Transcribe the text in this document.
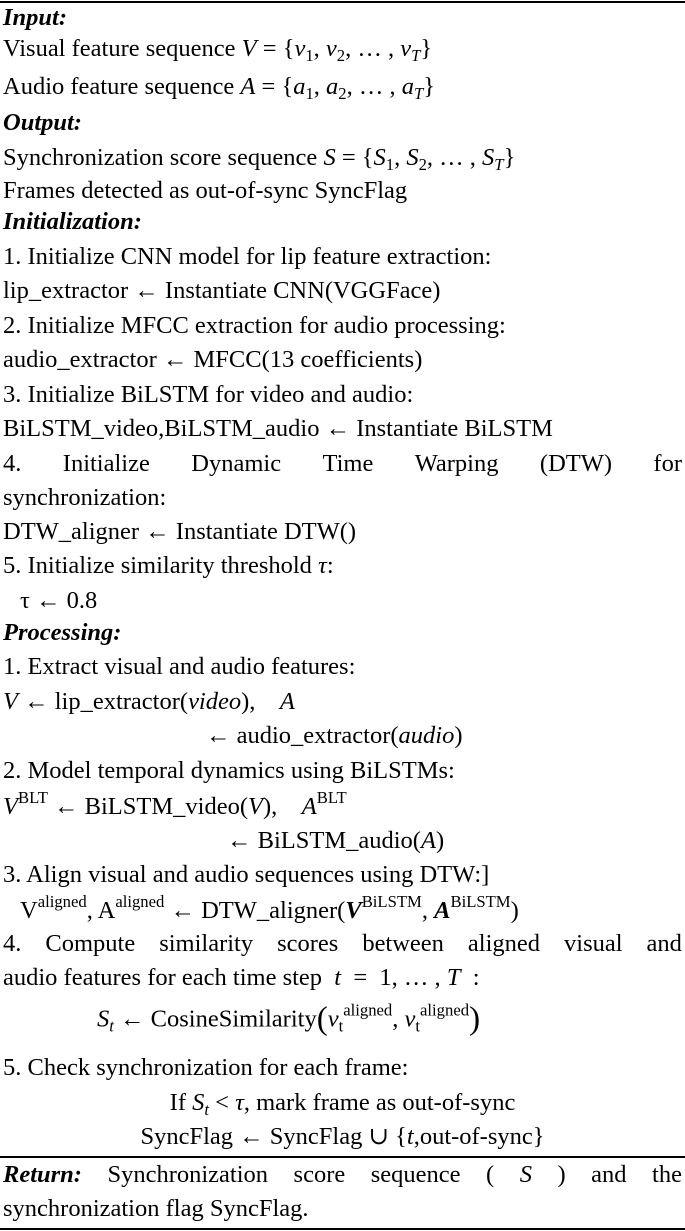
Input:
Visual feature sequence $V = \{v_1$, $v_2$, … , $v_T$}
Audio feature sequence $A = \{a_1$, $a_2$, … , $a_T$}
Output:
Synchronization score sequence $S = \{S_1$, $S_2$, … , $S_T$}
Frames detected as out-of-sync SyncFlag
Initialization:
1. Initialize CNN model for lip feature extraction:
lip_extractor ← Instantiate CNN(VGGFace)
2. Initialize MFCC extraction for audio processing:
audio_extractor ← MFCC(13 coefficients)
3. Initialize BiLSTM for video and audio:
BiLSTM_video,BiLSTM_audio ← Instantiate BiLSTM
4. Initialize Dynamic Time Warping (DTW) for
synchronization:
DTW_aligner ← Instantiate DTW()
5. Initialize similarity threshold τ:
τ ← 0.8
Processing:
1. Extract visual and audio features:
V ← lip_extractor(video),    A
← audio_extractor(audio)
2. Model temporal dynamics using BiLSTMs:
$V^{BLT}$ ← BiLSTM_video(V),    $A^{BLT}$
← BiLSTM_audio(A)
3. Align visual and audio sequences using DTW:]
$V^{aligned}$, $A^{aligned}$ ← $DTW\_aligner(V^{BiLSTM}$, $A^{BiLSTM}$)
4. Compute similarity scores between aligned visual and
audio features for each time step t  =  1, … , T  :
$S_t$ ← $CosineSimilarity(v_t^{aligned}$, $v_t^{aligned}$)
5. Check synchronization for each frame:
If $S_t < \tau$, mark frame as out-of-sync
SyncFlag ← SyncFlag ∪ {t,out-of-sync}
Return: Synchronization score sequence ( S ) and the
synchronization flag SyncFlag.
